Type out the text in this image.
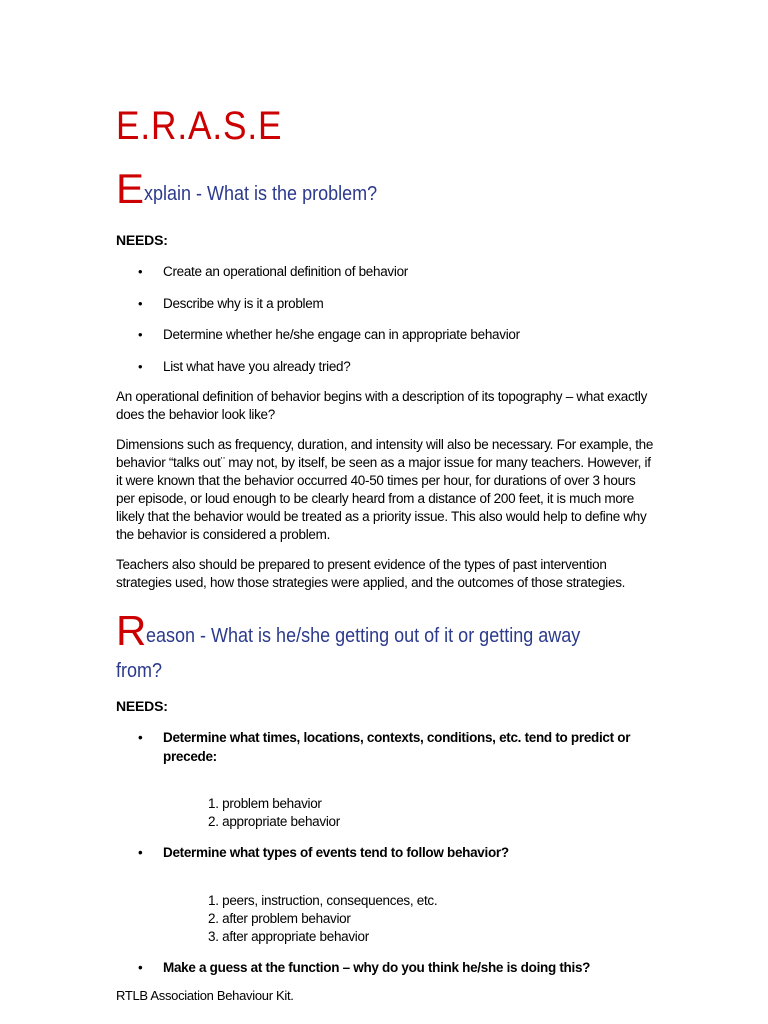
E.R.A.S.E
Explain - What is the problem?

NEEDS:

• Create an operational definition of behavior
• Describe why is it a problem
• Determine whether he/she engage can in appropriate behavior
• List what have you already tried?

An operational definition of behavior begins with a description of its topography – what exactly does the behavior look like?

Dimensions such as frequency, duration, and intensity will also be necessary. For example, the behavior “talks out¨ may not, by itself, be seen as a major issue for many teachers. However, if it were known that the behavior occurred 40-50 times per hour, for durations of over 3 hours per episode, or loud enough to be clearly heard from a distance of 200 feet, it is much more likely that the behavior would be treated as a priority issue. This also would help to define why the behavior is considered a problem.

Teachers also should be prepared to present evidence of the types of past intervention strategies used, how those strategies were applied, and the outcomes of those strategies.

Reason - What is he/she getting out of it or getting away
from?

NEEDS:

•	Determine what times, locations, contexts, conditions, etc. tend to predict or precede:
1. problem behavior
2. appropriate behavior
•	Determine what types of events tend to follow behavior?
1. peers, instruction, consequences, etc.
2. after problem behavior
3. after appropriate behavior
•	Make a guess at the function – why do you think he/she is doing this?
RTLB Association Behaviour Kit.
